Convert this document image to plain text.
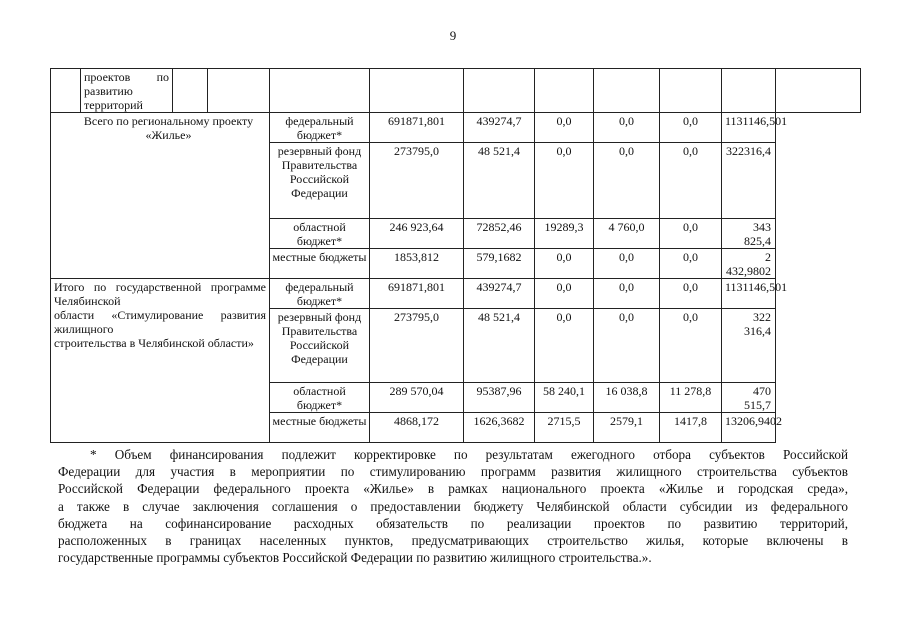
9

	проектов по
развитию
территорий										

Всего по региональному проекту «Жилье»				федеральный бюджет*	691871,801	439274,7	0,0	0,0	0,0	1131146,501	
				резервный фонд Правительства Российской Федерации	273795,0	48 521,4	0,0	0,0	0,0	322316,4	
				областной бюджет*	246 923,64	72852,46	19289,3	4 760,0	0,0	343 825,4	
				местные бюджеты	1853,812	579,1682	0,0	0,0	0,0	2 432,9802	

Итого по государственной программе Челябинской
области «Стимулирование развития жилищного
строительства в Челябинской области»				федеральный бюджет*	691871,801	439274,7	0,0	0,0	0,0	1131146,501	
				резервный фонд Правительства Российской Федерации	273795,0	48 521,4	0,0	0,0	0,0	322 316,4	
				областной бюджет*	289 570,04	95387,96	58 240,1	16 038,8	11 278,8	470 515,7	
				местные бюджеты	4868,172	1626,3682	2715,5	2579,1	1417,8	13206,9402	
* Объем финансирования подлежит корректировке по результатам ежегодного отбора субъектов Российской
Федерации для участия в мероприятии по стимулированию программ развития жилищного строительства субъектов
Российской Федерации федерального проекта «Жилье» в рамках национального проекта «Жилье и городская среда»,
а также в случае заключения соглашения о предоставлении бюджету Челябинской области субсидии из федерального
бюджета на софинансирование расходных обязательств по реализации проектов по развитию территорий,
расположенных в границах населенных пунктов, предусматривающих строительство жилья, которые включены в
государственные программы субъектов Российской Федерации по развитию жилищного строительства.».
